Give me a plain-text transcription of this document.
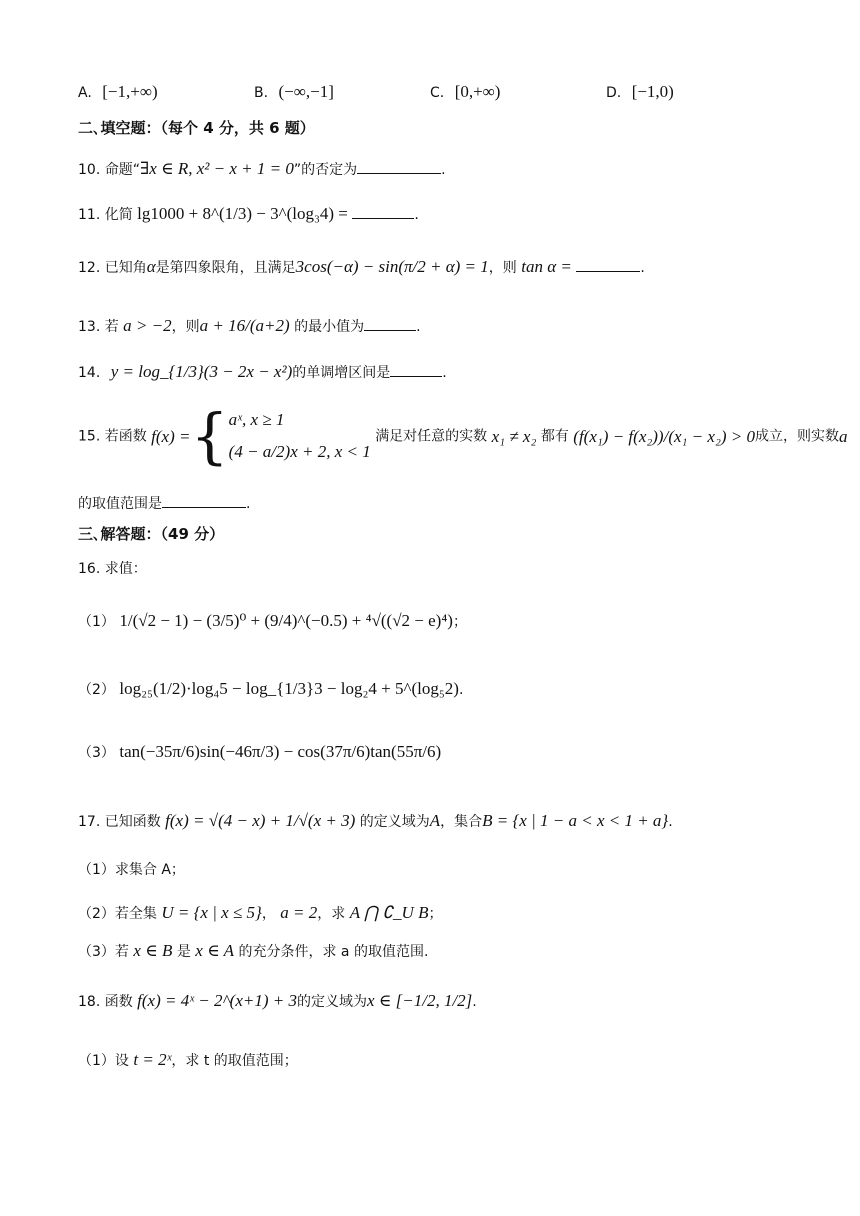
A. [−1,+∞)	B. (−∞,−1]	C. [0,+∞)	D. [−1,0)
二､填空题：（每个 4 分，共 6 题）
10. 命题“∃x ∈ R, x² − x + 1 = 0”的否定为	.
11. 化简 lg1000 + 8^(1/3) − 3^(log₃4) =	.
12. 已知角α是第四象限角，且满足3cos(−α) − sin(π/2 + α) = 1，则 tan α =	.
13. 若 a > −2，则a + 16/(a+2) 的最小值为	.
14. y = log_{1/3}(3 − 2x − x²)的单调增区间是	.
15. 若函数 f(x) ={ aˣ, x ≥ 1
(4 − a/2)x + 2, x < 1
满足对任意的实数 x₁ ≠ x₂ 都有 (f(x₁) − f(x₂))/(x₁ − x₂) > 0成立，则实数a
的取值范围是	.
三､解答题：（49 分）
16. 求值：
（1） 1/(√2 − 1) − (3/5)⁰ + (9/4)^(−0.5) + ⁴√((√2 − e)⁴)；
（2） log₂₅(1/2)·log₄5 − log_{1/3}3 − log₂4 + 5^(log₅2).
（3） tan(−35π/6)sin(−46π/3) − cos(37π/6)tan(55π/6)
17. 已知函数 f(x) = √(4 − x) + 1/√(x + 3) 的定义域为A，集合B = {x | 1 − a < x < 1 + a}.
（1）求集合 A；
（2）若全集 U = {x | x ≤ 5}， a = 2，求 A ⋂ ∁_U B；
（3）若 x ∈ B 是 x ∈ A 的充分条件，求 a 的取值范围.
18. 函数 f(x) = 4ˣ − 2^(x+1) + 3的定义域为x ∈ [−1/2, 1/2].
（1）设 t = 2ˣ，求 t 的取值范围；
